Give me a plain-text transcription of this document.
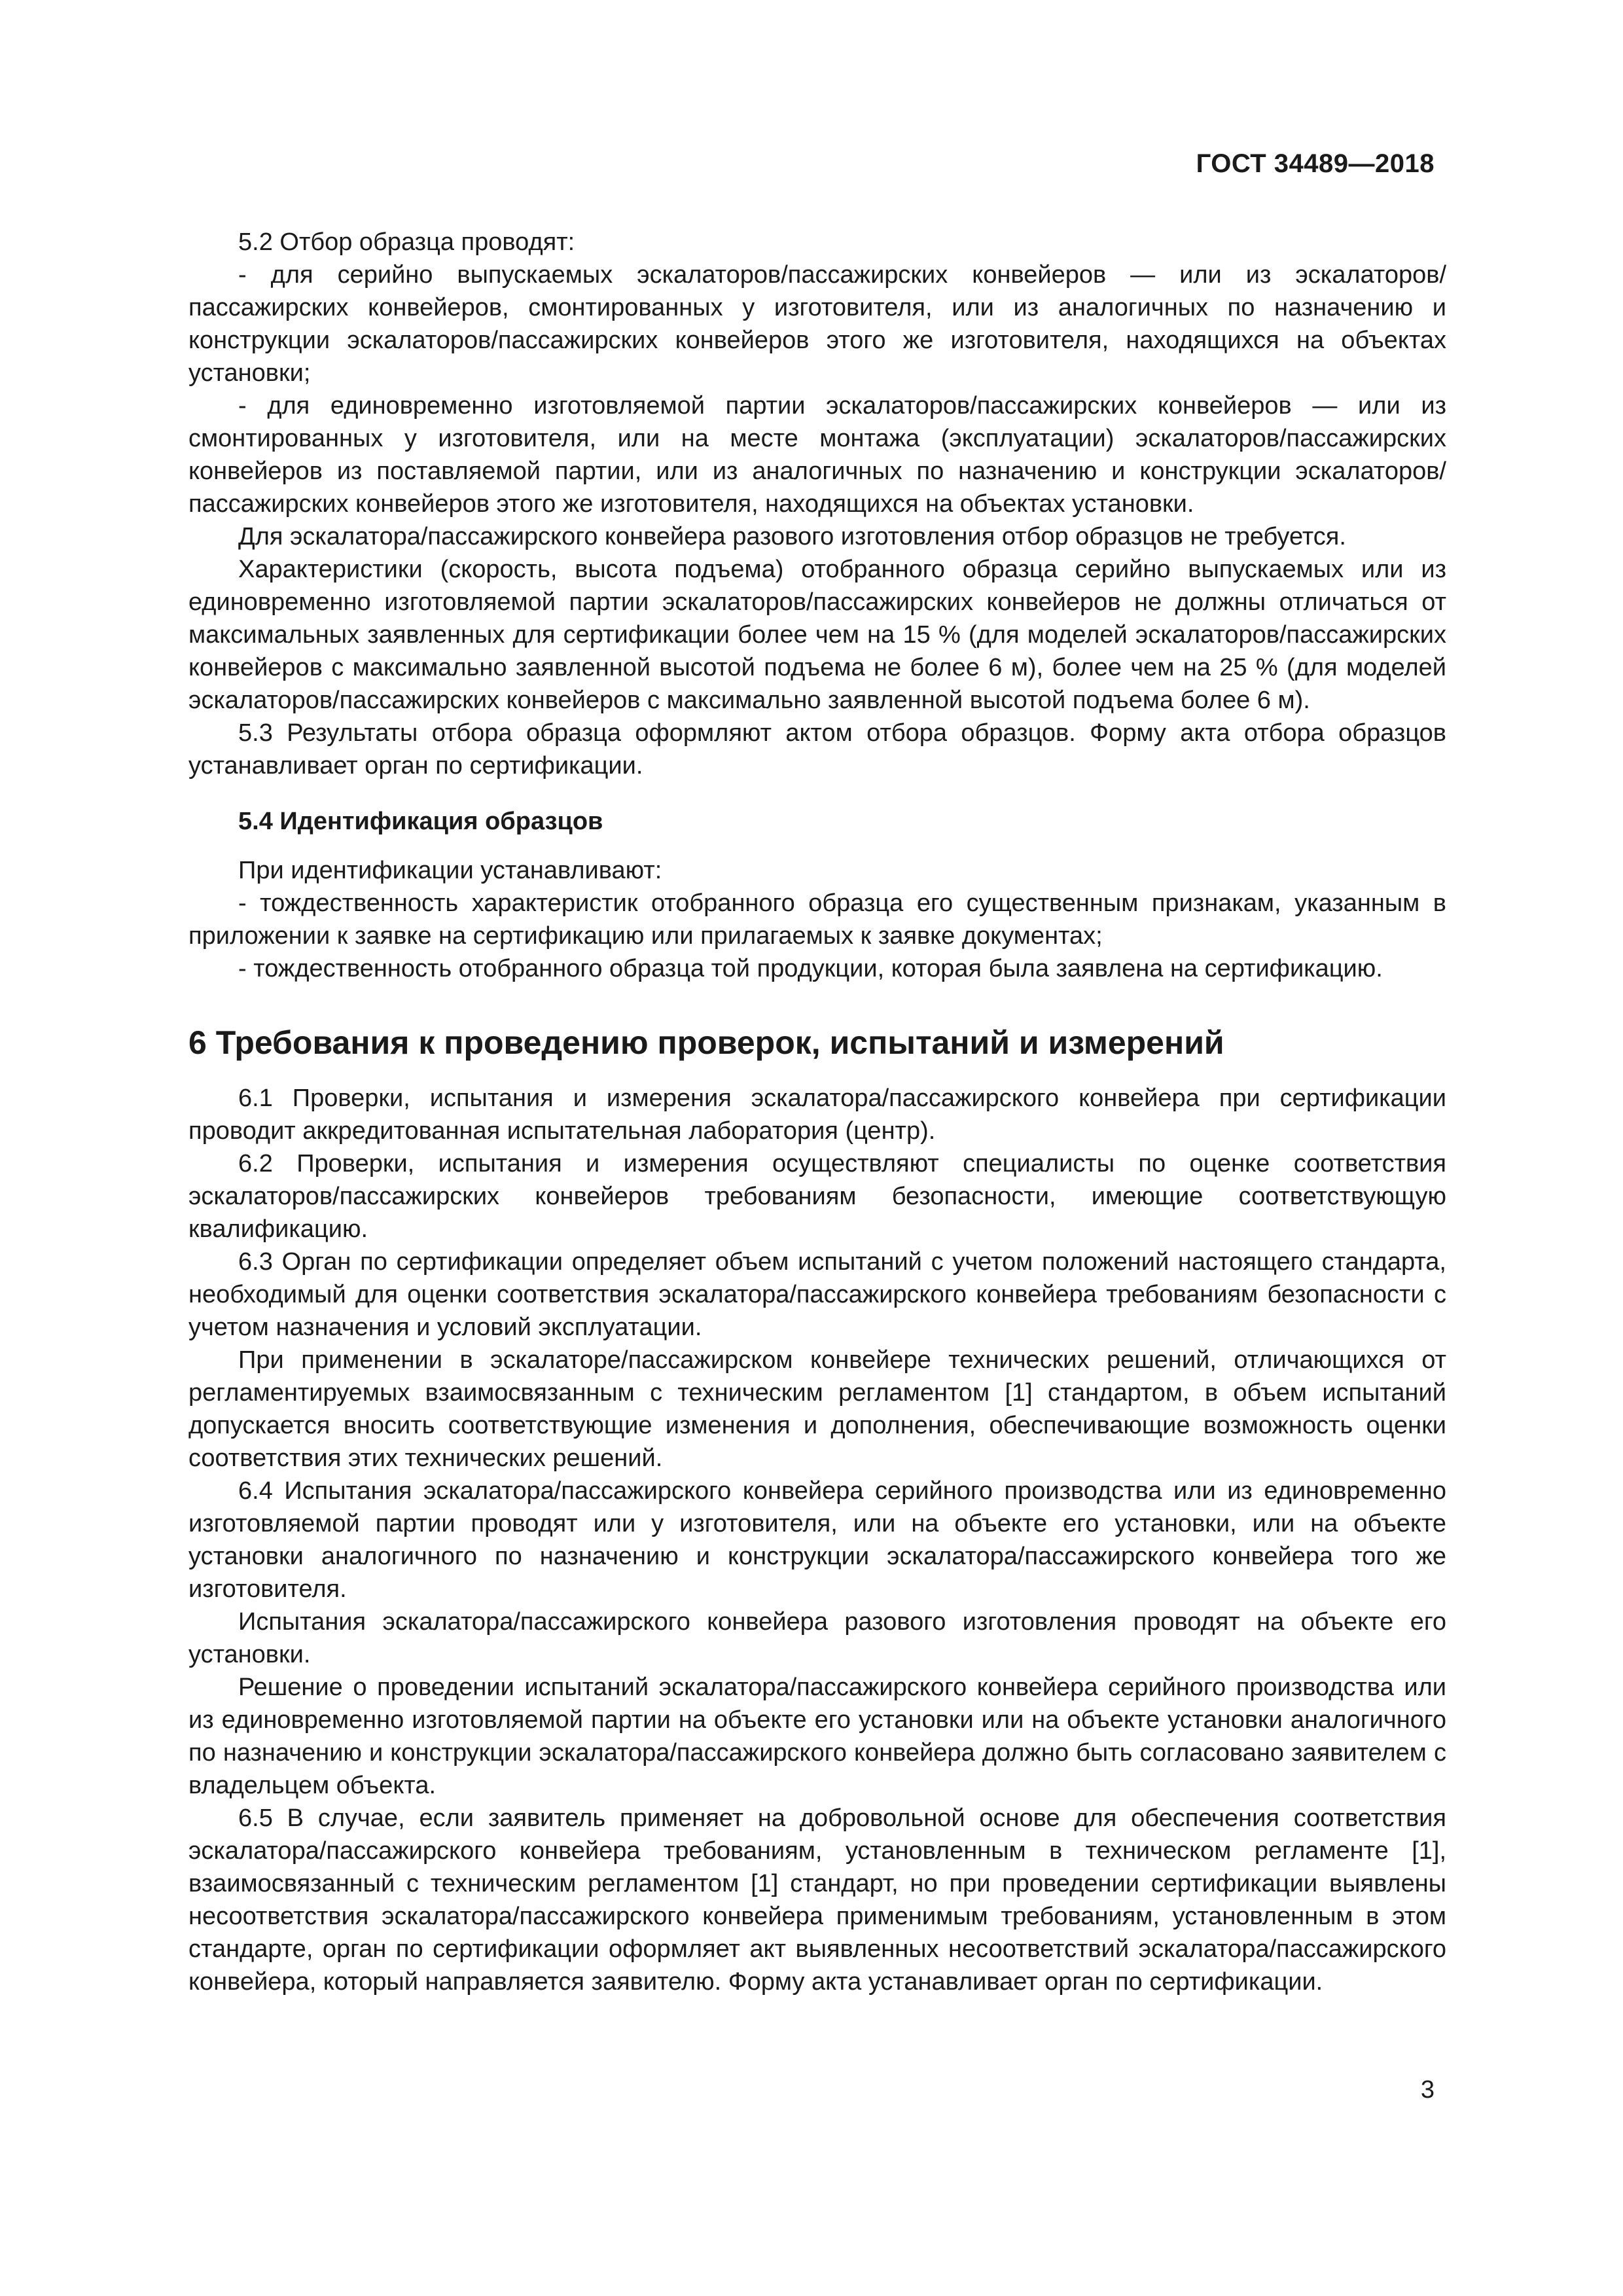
ГОСТ 34489—2018

5.2 Отбор образца проводят:

- для серийно выпускаемых эскалаторов/пассажирских конвейеров — или из эскалаторов/пассажирских конвейеров, смонтированных у изготовителя, или из аналогичных по назначению и конструкции эскалаторов/пассажирских конвейеров этого же изготовителя, находящихся на объектах установки;

- для единовременно изготовляемой партии эскалаторов/пассажирских конвейеров — или из смонтированных у изготовителя, или на месте монтажа (эксплуатации) эскалаторов/пассажирских конвейеров из поставляемой партии, или из аналогичных по назначению и конструкции эскалаторов/пассажирских конвейеров этого же изготовителя, находящихся на объектах установки.

Для эскалатора/пассажирского конвейера разового изготовления отбор образцов не требуется.

Характеристики (скорость, высота подъема) отобранного образца серийно выпускаемых или из единовременно изготовляемой партии эскалаторов/пассажирских конвейеров не должны отличаться от максимальных заявленных для сертификации более чем на 15 % (для моделей эскалаторов/пассажирских конвейеров с максимально заявленной высотой подъема не более 6 м), более чем на 25 % (для моделей эскалаторов/пассажирских конвейеров с максимально заявленной высотой подъема более 6 м).

5.3 Результаты отбора образца оформляют актом отбора образцов. Форму акта отбора образцов устанавливает орган по сертификации.

5.4 Идентификация образцов

При идентификации устанавливают:

- тождественность характеристик отобранного образца его существенным признакам, указанным в приложении к заявке на сертификацию или прилагаемых к заявке документах;

- тождественность отобранного образца той продукции, которая была заявлена на сертификацию.

6 Требования к проведению проверок, испытаний и измерений

6.1 Проверки, испытания и измерения эскалатора/пассажирского конвейера при сертификации проводит аккредитованная испытательная лаборатория (центр).

6.2 Проверки, испытания и измерения осуществляют специалисты по оценке соответствия эскалаторов/пассажирских конвейеров требованиям безопасности, имеющие соответствующую квалификацию.

6.3 Орган по сертификации определяет объем испытаний с учетом положений настоящего стандарта, необходимый для оценки соответствия эскалатора/пассажирского конвейера требованиям безопасности с учетом назначения и условий эксплуатации.

При применении в эскалаторе/пассажирском конвейере технических решений, отличающихся от регламентируемых взаимосвязанным с техническим регламентом [1] стандартом, в объем испытаний допускается вносить соответствующие изменения и дополнения, обеспечивающие возможность оценки соответствия этих технических решений.

6.4 Испытания эскалатора/пассажирского конвейера серийного производства или из единовременно изготовляемой партии проводят или у изготовителя, или на объекте его установки, или на объекте установки аналогичного по назначению и конструкции эскалатора/пассажирского конвейера того же изготовителя.

Испытания эскалатора/пассажирского конвейера разового изготовления проводят на объекте его установки.

Решение о проведении испытаний эскалатора/пассажирского конвейера серийного производства или из единовременно изготовляемой партии на объекте его установки или на объекте установки аналогичного по назначению и конструкции эскалатора/пассажирского конвейера должно быть согласовано заявителем с владельцем объекта.

6.5 В случае, если заявитель применяет на добровольной основе для обеспечения соответствия эскалатора/пассажирского конвейера требованиям, установленным в техническом регламенте [1], взаимосвязанный с техническим регламентом [1] стандарт, но при проведении сертификации выявлены несоответствия эскалатора/пассажирского конвейера применимым требованиям, установленным в этом стандарте, орган по сертификации оформляет акт выявленных несоответствий эскалатора/пассажирского конвейера, который направляется заявителю. Форму акта устанавливает орган по сертификации.

3
